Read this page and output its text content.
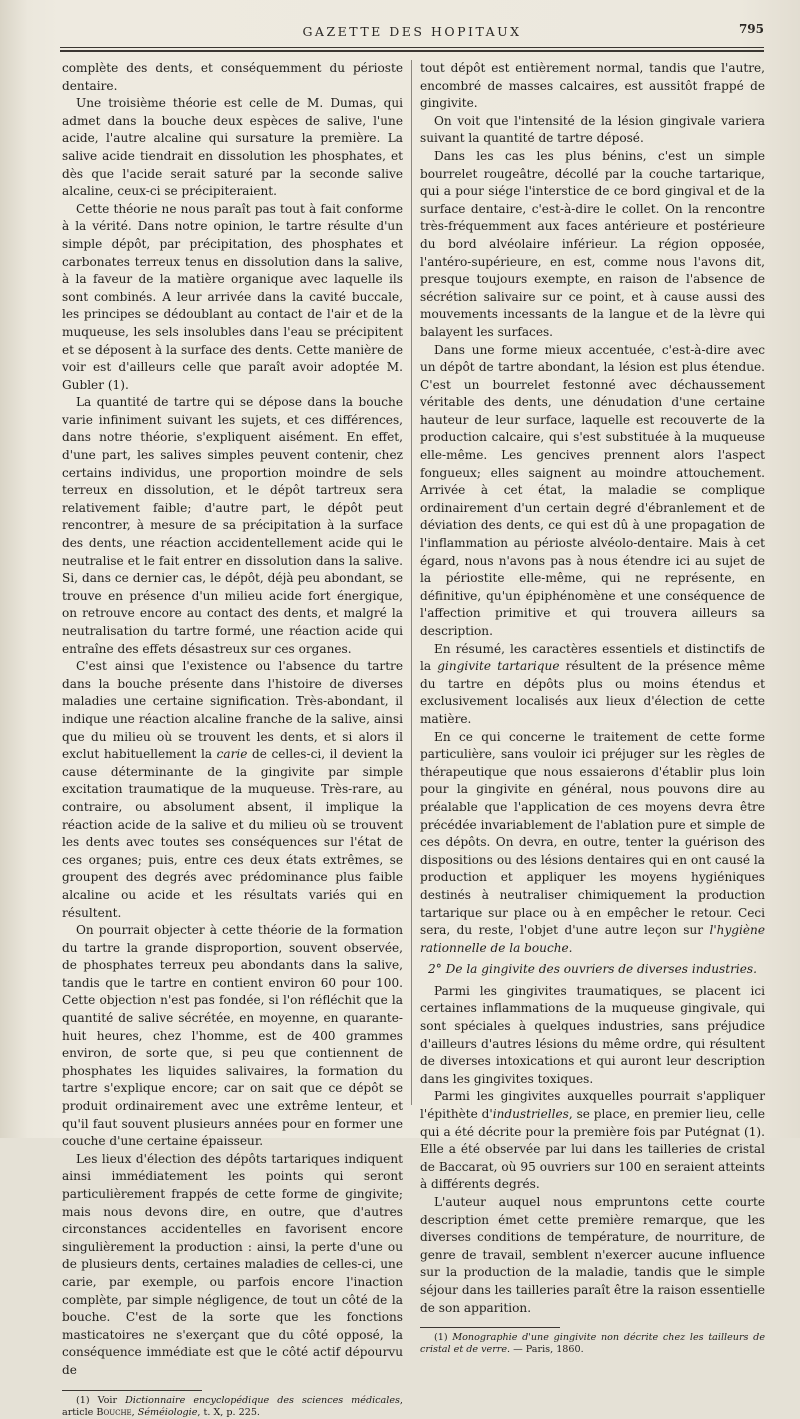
GAZETTE DES HOPITAUX	795

complète des dents, et conséquemment du périoste dentaire.

Une troisième théorie est celle de M. Dumas, qui admet dans la bouche deux espèces de salive, l'une acide, l'autre alcaline qui sursature la première. La salive acide tiendrait en dissolution les phosphates, et dès que l'acide serait saturé par la seconde salive alcaline, ceux-ci se précipiteraient.

Cette théorie ne nous paraît pas tout à fait conforme à la vérité. Dans notre opinion, le tartre résulte d'un simple dépôt, par précipitation, des phosphates et carbonates terreux tenus en dissolution dans la salive, à la faveur de la matière organique avec laquelle ils sont combinés. A leur arrivée dans la cavité buccale, les principes se dédoublant au contact de l'air et de la muqueuse, les sels insolubles dans l'eau se précipitent et se déposent à la surface des dents. Cette manière de voir est d'ailleurs celle que paraît avoir adoptée M. Gubler (1).

La quantité de tartre qui se dépose dans la bouche varie infiniment suivant les sujets, et ces différences, dans notre théorie, s'expliquent aisément. En effet, d'une part, les salives simples peuvent contenir, chez certains individus, une proportion moindre de sels terreux en dissolution, et le dépôt tartreux sera relativement faible; d'autre part, le dépôt peut rencontrer, à mesure de sa précipitation à la surface des dents, une réaction accidentellement acide qui le neutralise et le fait entrer en dissolution dans la salive. Si, dans ce dernier cas, le dépôt, déjà peu abondant, se trouve en présence d'un milieu acide fort énergique, on retrouve encore au contact des dents, et malgré la neutralisation du tartre formé, une réaction acide qui entraîne des effets désastreux sur ces organes.

C'est ainsi que l'existence ou l'absence du tartre dans la bouche présente dans l'histoire de diverses maladies une certaine signification. Très-abondant, il indique une réaction alcaline franche de la salive, ainsi que du milieu où se trouvent les dents, et si alors il exclut habituellement la carie de celles-ci, il devient la cause déterminante de la gingivite par simple excitation traumatique de la muqueuse. Très-rare, au contraire, ou absolument absent, il implique la réaction acide de la salive et du milieu où se trouvent les dents avec toutes ses conséquences sur l'état de ces organes; puis, entre ces deux états extrêmes, se groupent des degrés avec prédominance plus faible alcaline ou acide et les résultats variés qui en résultent.

On pourrait objecter à cette théorie de la formation du tartre la grande disproportion, souvent observée, de phosphates terreux peu abondants dans la salive, tandis que le tartre en contient environ 60 pour 100. Cette objection n'est pas fondée, si l'on réfléchit que la quantité de salive sécrétée, en moyenne, en quarante-huit heures, chez l'homme, est de 400 grammes environ, de sorte que, si peu que contiennent de phosphates les liquides salivaires, la formation du tartre s'explique encore; car on sait que ce dépôt se produit ordinairement avec une extrême lenteur, et qu'il faut souvent plusieurs années pour en former une couche d'une certaine épaisseur.

Les lieux d'élection des dépôts tartariques indiquent ainsi immédiatement les points qui seront particulièrement frappés de cette forme de gingivite; mais nous devons dire, en outre, que d'autres circonstances accidentelles en favorisent encore singulièrement la production : ainsi, la perte d'une ou de plusieurs dents, certaines maladies de celles-ci, une carie, par exemple, ou parfois encore l'inaction complète, par simple négligence, de tout un côté de la bouche. C'est de la sorte que les fonctions masticatoires ne s'exerçant que du côté opposé, la conséquence immédiate est que le côté actif dépourvu de

(1) Voir Dictionnaire encyclopédique des sciences médicales, article Bouche, Séméiologie, t. X, p. 225.

tout dépôt est entièrement normal, tandis que l'autre, encombré de masses calcaires, est aussitôt frappé de gingivite.

On voit que l'intensité de la lésion gingivale variera suivant la quantité de tartre déposé.

Dans les cas les plus bénins, c'est un simple bourrelet rougeâtre, décollé par la couche tartarique, qui a pour siége l'interstice de ce bord gingival et de la surface dentaire, c'est-à-dire le collet. On la rencontre très-fréquemment aux faces antérieure et postérieure du bord alvéolaire inférieur. La région opposée, l'antéro-supérieure, en est, comme nous l'avons dit, presque toujours exempte, en raison de l'absence de sécrétion salivaire sur ce point, et à cause aussi des mouvements incessants de la langue et de la lèvre qui balayent les surfaces.

Dans une forme mieux accentuée, c'est-à-dire avec un dépôt de tartre abondant, la lésion est plus étendue. C'est un bourrelet festonné avec déchaussement véritable des dents, une dénudation d'une certaine hauteur de leur surface, laquelle est recouverte de la production calcaire, qui s'est substituée à la muqueuse elle-même. Les gencives prennent alors l'aspect fongueux; elles saignent au moindre attouchement. Arrivée à cet état, la maladie se complique ordinairement d'un certain degré d'ébranlement et de déviation des dents, ce qui est dû à une propagation de l'inflammation au périoste alvéolo-dentaire. Mais à cet égard, nous n'avons pas à nous étendre ici au sujet de la périostite elle-même, qui ne représente, en définitive, qu'un épiphénomène et une conséquence de l'affection primitive et qui trouvera ailleurs sa description.

En résumé, les caractères essentiels et distinctifs de la gingivite tartarique résultent de la présence même du tartre en dépôts plus ou moins étendus et exclusivement localisés aux lieux d'élection de cette matière.

En ce qui concerne le traitement de cette forme particulière, sans vouloir ici préjuger sur les règles de thérapeutique que nous essaierons d'établir plus loin pour la gingivite en général, nous pouvons dire au préalable que l'application de ces moyens devra être précédée invariablement de l'ablation pure et simple de ces dépôts. On devra, en outre, tenter la guérison des dispositions ou des lésions dentaires qui en ont causé la production et appliquer les moyens hygiéniques destinés à neutraliser chimiquement la production tartarique sur place ou à en empêcher le retour. Ceci sera, du reste, l'objet d'une autre leçon sur l'hygiène rationnelle de la bouche.

2° De la gingivite des ouvriers de diverses industries.

Parmi les gingivites traumatiques, se placent ici certaines inflammations de la muqueuse gingivale, qui sont spéciales à quelques industries, sans préjudice d'ailleurs d'autres lésions du même ordre, qui résultent de diverses intoxications et qui auront leur description dans les gingivites toxiques.

Parmi les gingivites auxquelles pourrait s'appliquer l'épithète d'industrielles, se place, en premier lieu, celle qui a été décrite pour la première fois par Putégnat (1). Elle a été observée par lui dans les tailleries de cristal de Baccarat, où 95 ouvriers sur 100 en seraient atteints à différents degrés.

L'auteur auquel nous empruntons cette courte description émet cette première remarque, que les diverses conditions de température, de nourriture, de genre de travail, semblent n'exercer aucune influence sur la production de la maladie, tandis que le simple séjour dans les tailleries paraît être la raison essentielle de son apparition.

(1) Monographie d'une gingivite non décrite chez les tailleurs de cristal et de verre. — Paris, 1860.
